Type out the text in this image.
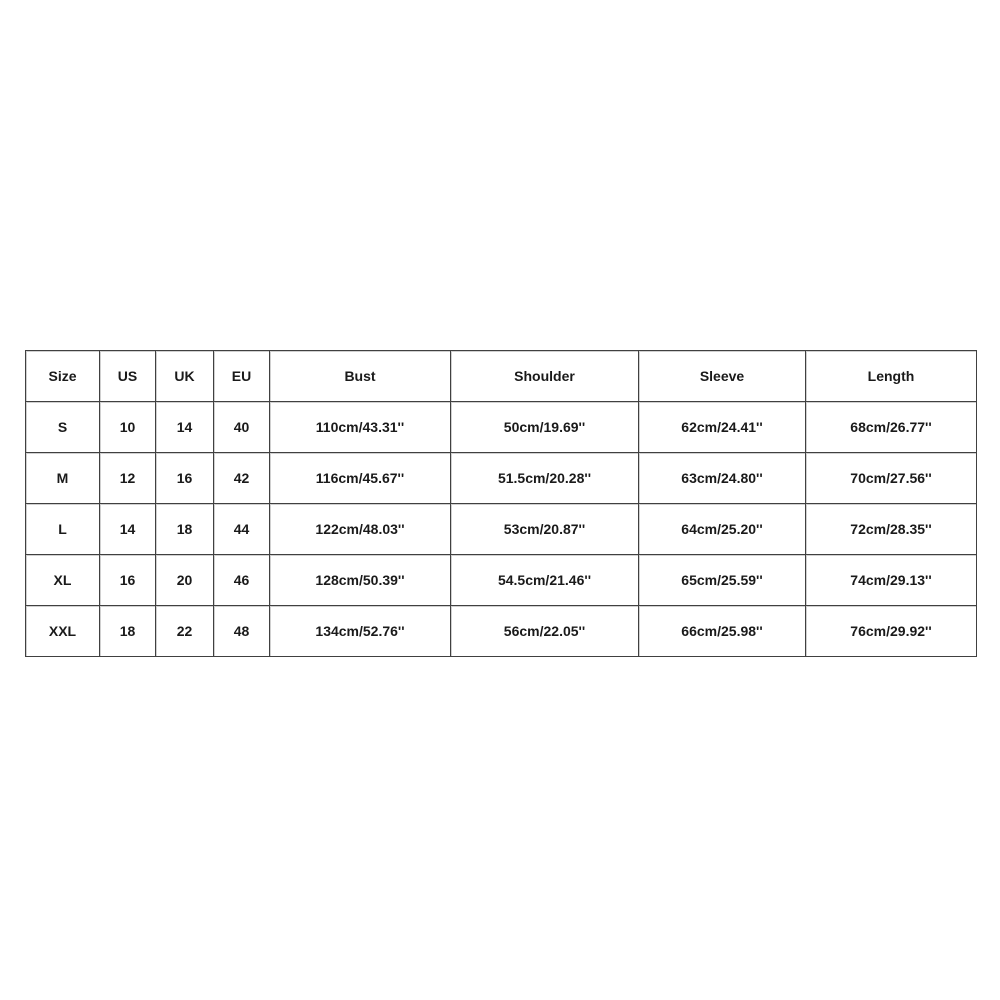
Size	US	UK	EU	Bust	Shoulder	Sleeve	Length
S	10	14	40	110cm/43.31''	50cm/19.69''	62cm/24.41''	68cm/26.77''
M	12	16	42	116cm/45.67''	51.5cm/20.28''	63cm/24.80''	70cm/27.56''
L	14	18	44	122cm/48.03''	53cm/20.87''	64cm/25.20''	72cm/28.35''
XL	16	20	46	128cm/50.39''	54.5cm/21.46''	65cm/25.59''	74cm/29.13''
XXL	18	22	48	134cm/52.76''	56cm/22.05''	66cm/25.98''	76cm/29.92''
